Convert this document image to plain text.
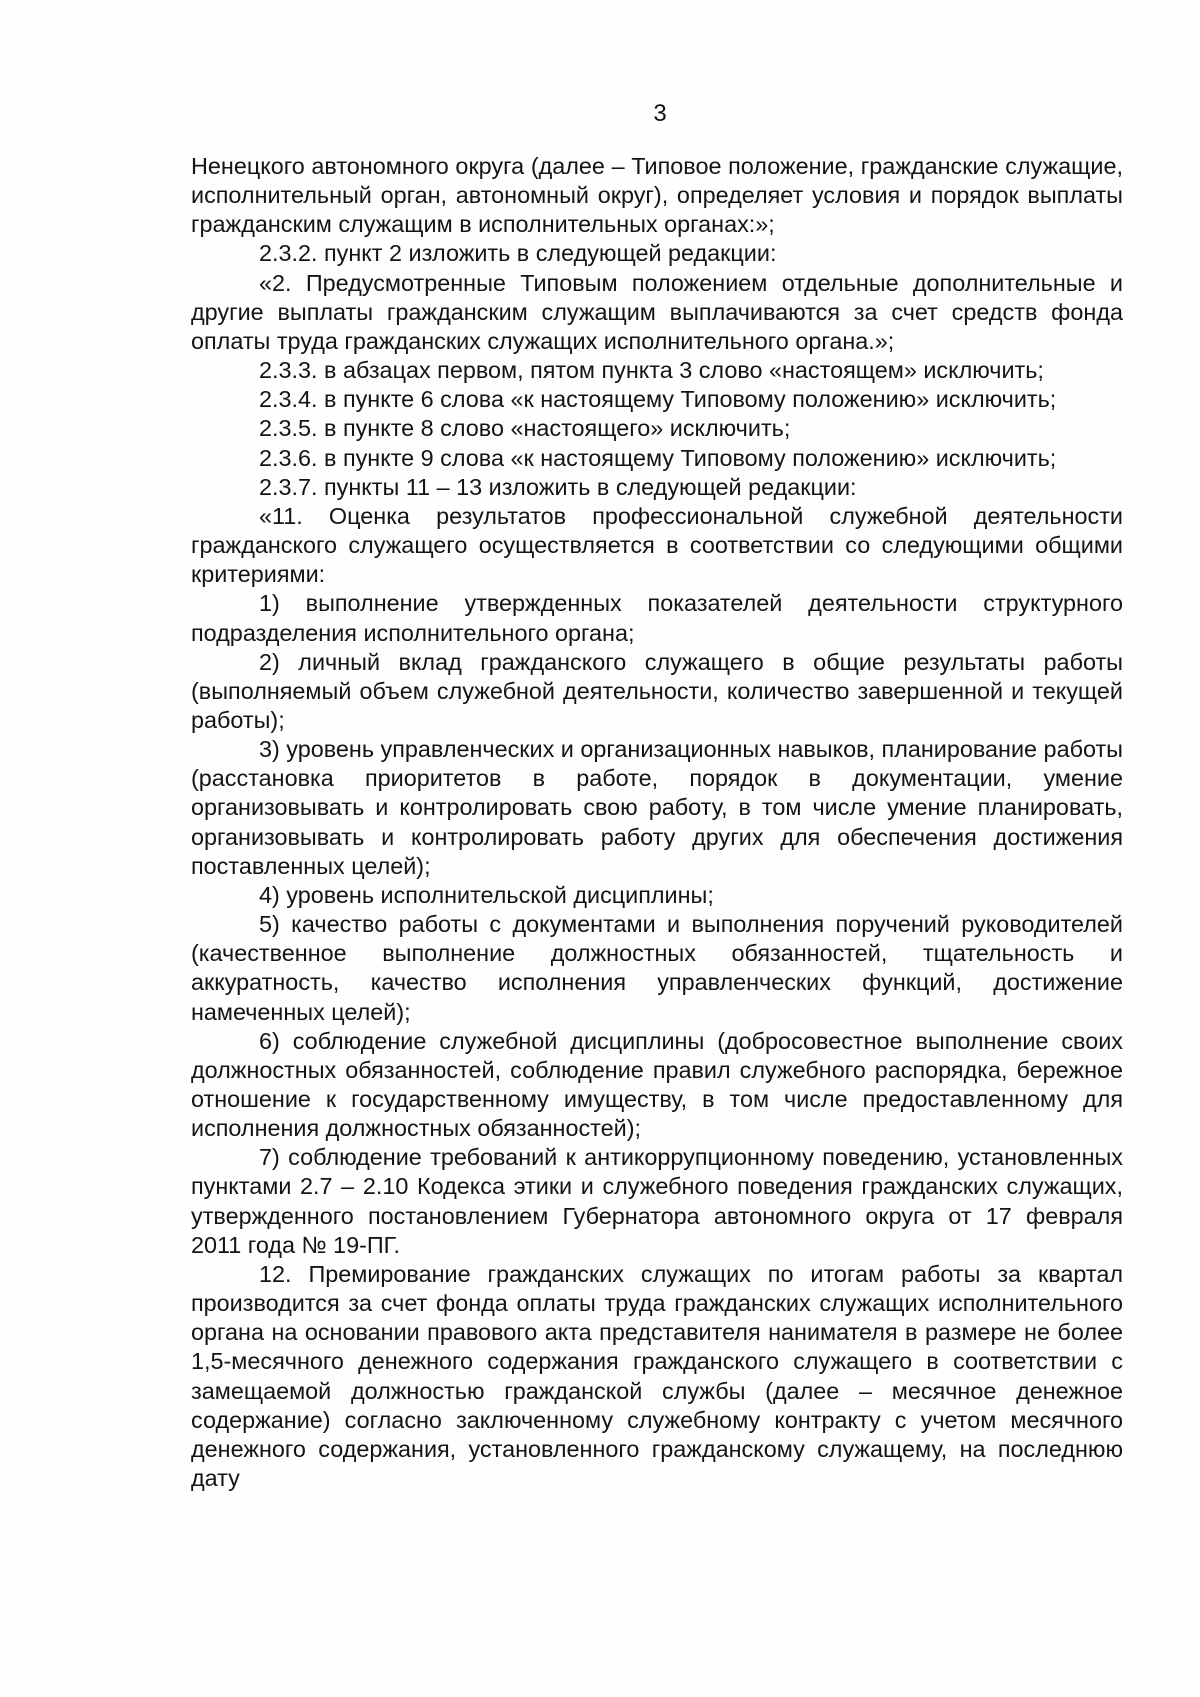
3

Ненецкого автономного округа (далее – Типовое положение, гражданские служащие, исполнительный орган, автономный округ), определяет условия и порядок выплаты гражданским служащим в исполнительных органах:»;

2.3.2. пункт 2 изложить в следующей редакции:

«2. Предусмотренные Типовым положением отдельные дополнительные и другие выплаты гражданским служащим выплачиваются за счет средств фонда оплаты труда гражданских служащих исполнительного органа.»;

2.3.3. в абзацах первом, пятом пункта 3 слово «настоящем» исключить;

2.3.4. в пункте 6 слова «к настоящему Типовому положению» исключить;

2.3.5. в пункте 8 слово «настоящего» исключить;

2.3.6. в пункте 9 слова «к настоящему Типовому положению» исключить;

2.3.7. пункты 11 – 13 изложить в следующей редакции:

«11. Оценка результатов профессиональной служебной деятельности гражданского служащего осуществляется в соответствии со следующими общими критериями:

1) выполнение утвержденных показателей деятельности структурного подразделения исполнительного органа;

2) личный вклад гражданского служащего в общие результаты работы (выполняемый объем служебной деятельности, количество завершенной и текущей работы);

3) уровень управленческих и организационных навыков, планирование работы (расстановка приоритетов в работе, порядок в документации, умение организовывать и контролировать свою работу, в том числе умение планировать, организовывать и контролировать работу других для обеспечения достижения поставленных целей);

4) уровень исполнительской дисциплины;

5) качество работы с документами и выполнения поручений руководителей (качественное выполнение должностных обязанностей, тщательность и аккуратность, качество исполнения управленческих функций, достижение намеченных целей);

6) соблюдение служебной дисциплины (добросовестное выполнение своих должностных обязанностей, соблюдение правил служебного распорядка, бережное отношение к государственному имуществу, в том числе предоставленному для исполнения должностных обязанностей);

7) соблюдение требований к антикоррупционному поведению, установленных пунктами 2.7 – 2.10 Кодекса этики и служебного поведения гражданских служащих, утвержденного постановлением Губернатора автономного округа от 17 февраля 2011 года № 19-ПГ.

12. Премирование гражданских служащих по итогам работы за квартал производится за счет фонда оплаты труда гражданских служащих исполнительного органа на основании правового акта представителя нанимателя в размере не более 1,5-месячного денежного содержания гражданского служащего в соответствии с замещаемой должностью гражданской службы (далее – месячное денежное содержание) согласно заключенному служебному контракту с учетом месячного денежного содержания, установленного гражданскому служащему, на последнюю дату
